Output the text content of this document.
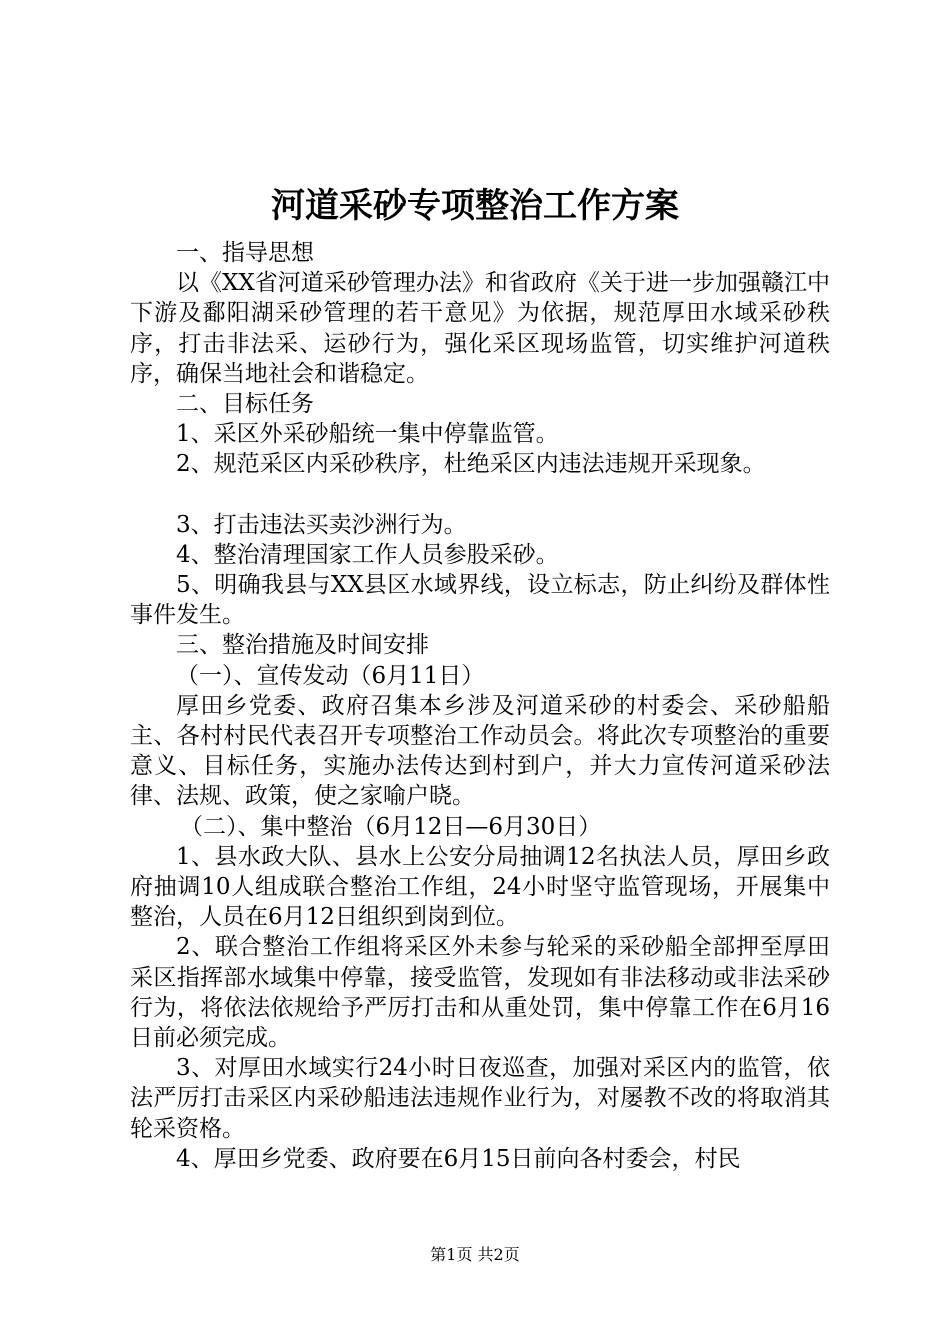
河道采砂专项整治工作方案

一、指导思想

以《XX省河道采砂管理办法》和省政府《关于进一步加强赣江中下游及鄱阳湖采砂管理的若干意见》为依据，规范厚田水域采砂秩序，打击非法采、运砂行为，强化采区现场监管，切实维护河道秩序，确保当地社会和谐稳定。

二、目标任务

1、采区外采砂船统一集中停靠监管。

2、规范采区内采砂秩序，杜绝采区内违法违规开采现象。

3、打击违法买卖沙洲行为。

4、整治清理国家工作人员参股采砂。

5、明确我县与XX县区水域界线，设立标志，防止纠纷及群体性事件发生。

三、整治措施及时间安排

（一）、宣传发动（6月11日）

厚田乡党委、政府召集本乡涉及河道采砂的村委会、采砂船船主、各村村民代表召开专项整治工作动员会。将此次专项整治的重要意义、目标任务，实施办法传达到村到户，并大力宣传河道采砂法律、法规、政策，使之家喻户晓。

（二）、集中整治（6月12日—6月30日）

1、县水政大队、县水上公安分局抽调12名执法人员，厚田乡政府抽调10人组成联合整治工作组，24小时坚守监管现场，开展集中整治，人员在6月12日组织到岗到位。

2、联合整治工作组将采区外未参与轮采的采砂船全部押至厚田采区指挥部水域集中停靠，接受监管，发现如有非法移动或非法采砂行为，将依法依规给予严厉打击和从重处罚，集中停靠工作在6月16日前必须完成。

3、对厚田水域实行24小时日夜巡查，加强对采区内的监管，依法严厉打击采区内采砂船违法违规作业行为，对屡教不改的将取消其轮采资格。

4、厚田乡党委、政府要在6月15日前向各村委会，村民

第1页 共2页
